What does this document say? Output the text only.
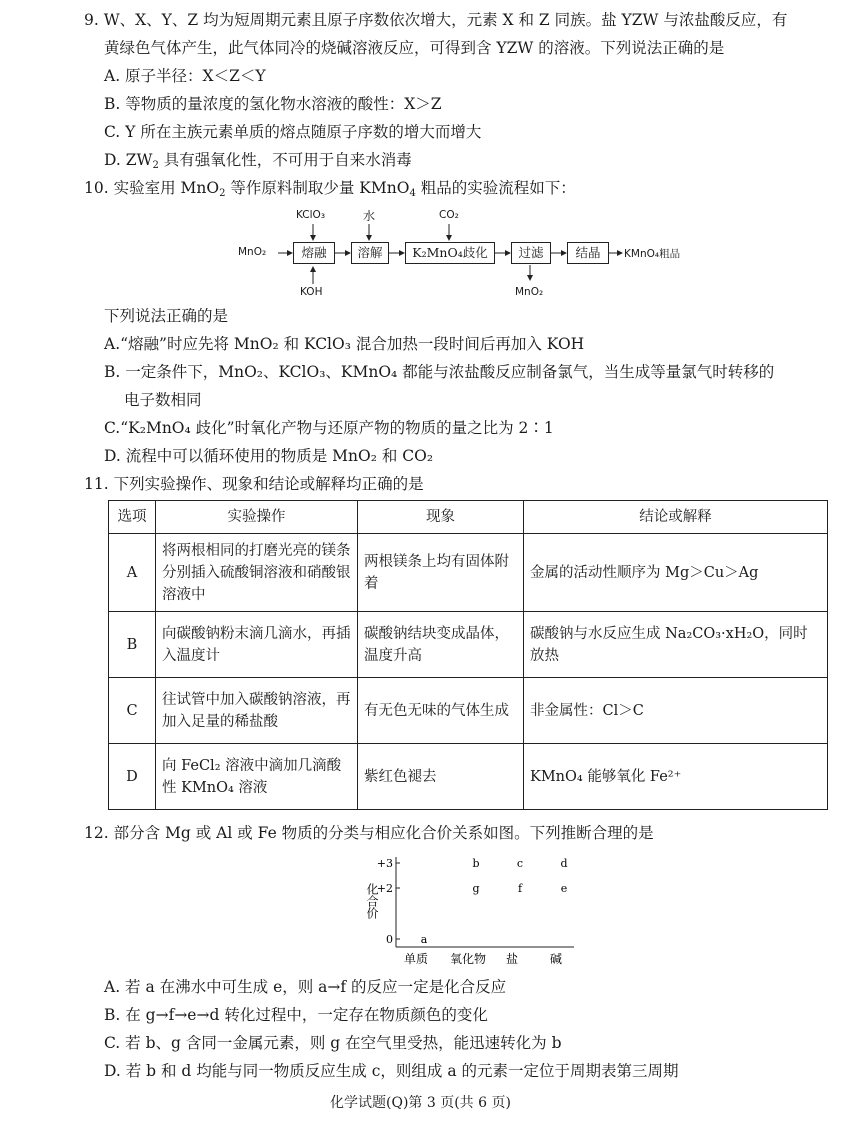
9. W、X、Y、Z 均为短周期元素且原子序数依次增大，元素 X 和 Z 同族。盐 YZW 与浓盐酸反应，有
黄绿色气体产生，此气体同冷的烧碱溶液反应，可得到含 YZW 的溶液。下列说法正确的是
A. 原子半径：X＜Z＜Y
B. 等物质的量浓度的氢化物水溶液的酸性：X＞Z
C. Y 所在主族元素单质的熔点随原子序数的增大而增大
D. $ZW_2$ 具有强氧化性，不可用于自来水消毒
10. 实验室用 MnO$_2$ 等作原料制取少量 KMnO$_4$ 粗品的实验流程如下：
MnO₂	熔融	溶解	K₂MnO₄歧化	过滤	结晶	KMnO₄粗品
KClO₃
KOH
水	CO₂
MnO₂
下列说法正确的是
A.“熔融”时应先将 MnO₂ 和 KClO₃ 混合加热一段时间后再加入 KOH
B. 一定条件下，MnO₂、KClO₃、KMnO₄ 都能与浓盐酸反应制备氯气，当生成等量氯气时转移的
电子数相同
C.“K₂MnO₄ 歧化”时氧化产物与还原产物的物质的量之比为 2∶1
D. 流程中可以循环使用的物质是 MnO₂ 和 CO₂
11. 下列实验操作、现象和结论或解释均正确的是
选项	实验操作	现象	结论或解释
A	将两根相同的打磨光亮的镁条分别插入硫酸铜溶液和硝酸银溶液中	两根镁条上均有固体附着	金属的活动性顺序为 Mg＞Cu＞Ag
B	向碳酸钠粉末滴几滴水，再插入温度计	碳酸钠结块变成晶体，温度升高	碳酸钠与水反应生成 Na₂CO₃·xH₂O，同时放热
C	往试管中加入碳酸钠溶液，再加入足量的稀盐酸	有无色无味的气体生成	非金属性：Cl＞C
D	向 FeCl₂ 溶液中滴加几滴酸性 KMnO₄ 溶液	紫红色褪去	KMnO₄ 能够氧化 Fe²⁺
12. 部分含 Mg 或 Al 或 Fe 物质的分类与相应化合价关系如图。下列推断合理的是
化合价
+3
+2
0
单质 氧化物 盐	碱
a
b	c	d
g	f	e
A. 若 a 在沸水中可生成 e，则 a→f 的反应一定是化合反应
B. 在 g→f→e→d 转化过程中，一定存在物质颜色的变化
C. 若 b、g 含同一金属元素，则 g 在空气里受热，能迅速转化为 b
D. 若 b 和 d 均能与同一物质反应生成 c，则组成 a 的元素一定位于周期表第三周期
化学试题(Q)第 3 页(共 6 页)
